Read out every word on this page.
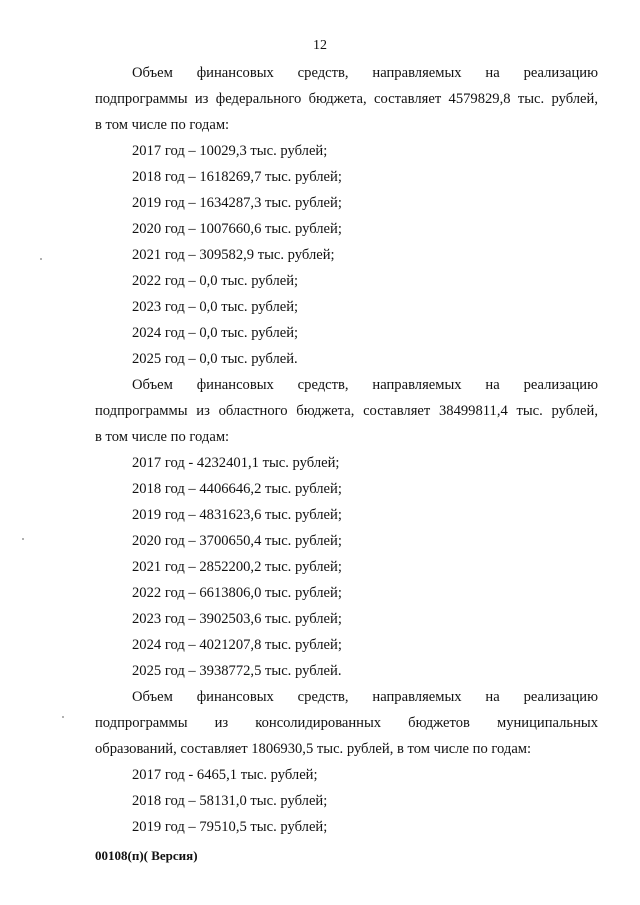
12

Объем финансовых средств, направляемых на реализацию
подпрограммы из федерального бюджета, составляет 4579829,8 тыс. рублей,
в том числе по годам:

2017 год – 10029,3 тыс. рублей;
2018 год – 1618269,7 тыс. рублей;
2019 год – 1634287,3 тыс. рублей;
2020 год – 1007660,6 тыс. рублей;
2021 год – 309582,9 тыс. рублей;
2022 год – 0,0 тыс. рублей;
2023 год – 0,0 тыс. рублей;
2024 год – 0,0 тыс. рублей;
2025 год – 0,0 тыс. рублей.

Объем финансовых средств, направляемых на реализацию
подпрограммы из областного бюджета, составляет 38499811,4 тыс. рублей,
в том числе по годам:

2017 год - 4232401,1 тыс. рублей;
2018 год – 4406646,2 тыс. рублей;
2019 год – 4831623,6 тыс. рублей;
2020 год – 3700650,4 тыс. рублей;
2021 год – 2852200,2 тыс. рублей;
2022 год – 6613806,0 тыс. рублей;
2023 год – 3902503,6 тыс. рублей;
2024 год – 4021207,8 тыс. рублей;
2025 год – 3938772,5 тыс. рублей.

Объем финансовых средств, направляемых на реализацию
подпрограммы из консолидированных бюджетов муниципальных
образований, составляет 1806930,5 тыс. рублей, в том числе по годам:

2017 год - 6465,1 тыс. рублей;
2018 год – 58131,0 тыс. рублей;
2019 год – 79510,5 тыс. рублей;
00108(п)( Версия)
